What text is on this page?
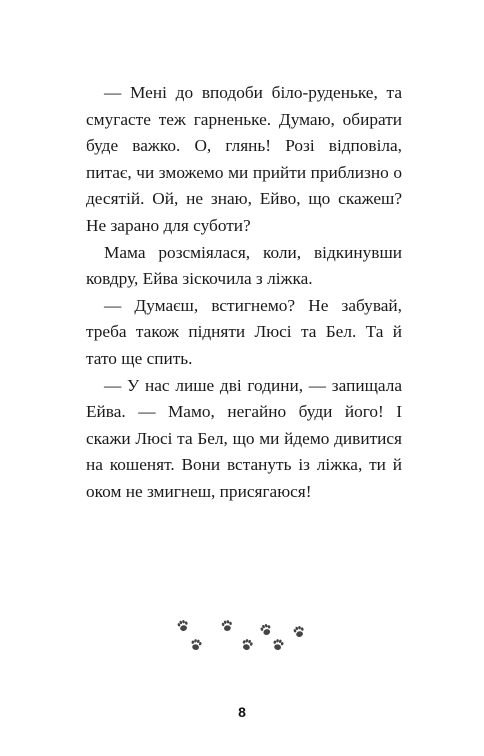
— Мені до вподоби біло-руденьке, та смугасте теж гарненьке. Думаю, обирати буде важко. О, глянь! Розі відповіла, питає, чи зможемо ми прийти приблизно о десятій. Ой, не знаю, Ейво, що скажеш? Не зарано для суботи?

Мама розсміялася, коли, відкинувши ковдру, Ейва зіскочила з ліжка.

— Думаєш, встигнемо? Не забувай, треба також підняти Люсі та Бел. Та й тато ще спить.

— У нас лише дві години, — запищала Ейва. — Мамо, негайно буди його! І скажи Люсі та Бел, що ми йдемо дивитися на кошенят. Вони встануть із ліжка, ти й оком не змигнеш, присягаюся!

8
